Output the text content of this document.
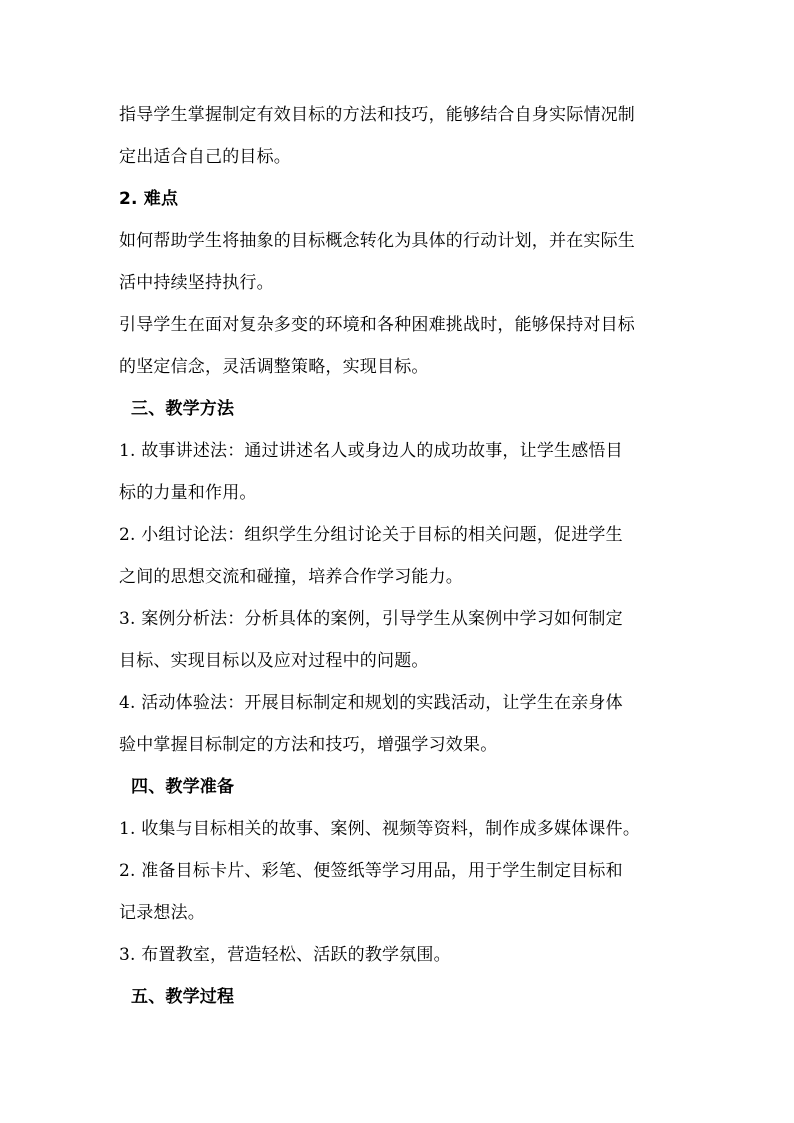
指导学生掌握制定有效目标的方法和技巧，能够结合自身实际情况制
定出适合自己的目标。
2. 难点
如何帮助学生将抽象的目标概念转化为具体的行动计划，并在实际生
活中持续坚持执行。
引导学生在面对复杂多变的环境和各种困难挑战时，能够保持对目标
的坚定信念，灵活调整策略，实现目标。
三、教学方法
1. 故事讲述法：通过讲述名人或身边人的成功故事，让学生感悟目
标的力量和作用。
2. 小组讨论法：组织学生分组讨论关于目标的相关问题，促进学生
之间的思想交流和碰撞，培养合作学习能力。
3. 案例分析法：分析具体的案例，引导学生从案例中学习如何制定
目标、实现目标以及应对过程中的问题。
4. 活动体验法：开展目标制定和规划的实践活动，让学生在亲身体
验中掌握目标制定的方法和技巧，增强学习效果。
四、教学准备
1. 收集与目标相关的故事、案例、视频等资料，制作成多媒体课件。
2. 准备目标卡片、彩笔、便签纸等学习用品，用于学生制定目标和
记录想法。
3. 布置教室，营造轻松、活跃的教学氛围。
五、教学过程
